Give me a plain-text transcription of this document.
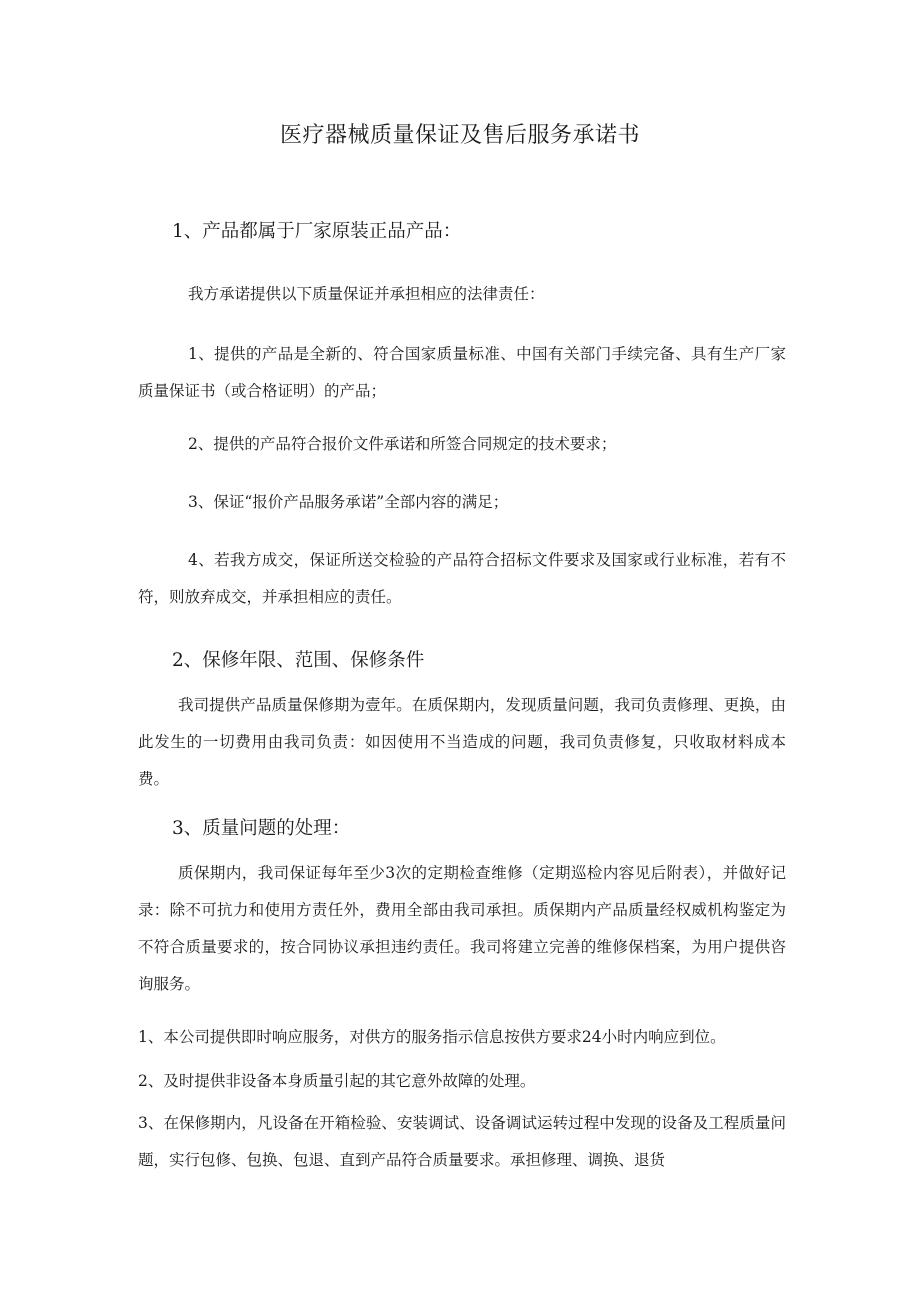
医疗器械质量保证及售后服务承诺书
1、产品都属于厂家原装正品产品：
我方承诺提供以下质量保证并承担相应的法律责任：
1、提供的产品是全新的、符合国家质量标准、中国有关部门手续完备、具有生产厂家质量保证书（或合格证明）的产品；
2、提供的产品符合报价文件承诺和所签合同规定的技术要求；
3、保证“报价产品服务承诺”全部内容的满足；
4、若我方成交，保证所送交检验的产品符合招标文件要求及国家或行业标准，若有不符，则放弃成交，并承担相应的责任。
2、保修年限、范围、保修条件
我司提供产品质量保修期为壹年。在质保期内，发现质量问题，我司负责修理、更换，由此发生的一切费用由我司负责：如因使用不当造成的问题，我司负责修复，只收取材料成本费。
3、质量问题的处理：
质保期内，我司保证每年至少3次的定期检查维修（定期巡检内容见后附表），并做好记录：除不可抗力和使用方责任外，费用全部由我司承担。质保期内产品质量经权威机构鉴定为不符合质量要求的，按合同协议承担违约责任。我司将建立完善的维修保档案，为用户提供咨询服务。
1、本公司提供即时响应服务，对供方的服务指示信息按供方要求24小时内响应到位。
2、及时提供非设备本身质量引起的其它意外故障的处理。
3、在保修期内，凡设备在开箱检验、安装调试、设备调试运转过程中发现的设备及工程质量问题，实行包修、包换、包退、直到产品符合质量要求。承担修理、调换、退货
